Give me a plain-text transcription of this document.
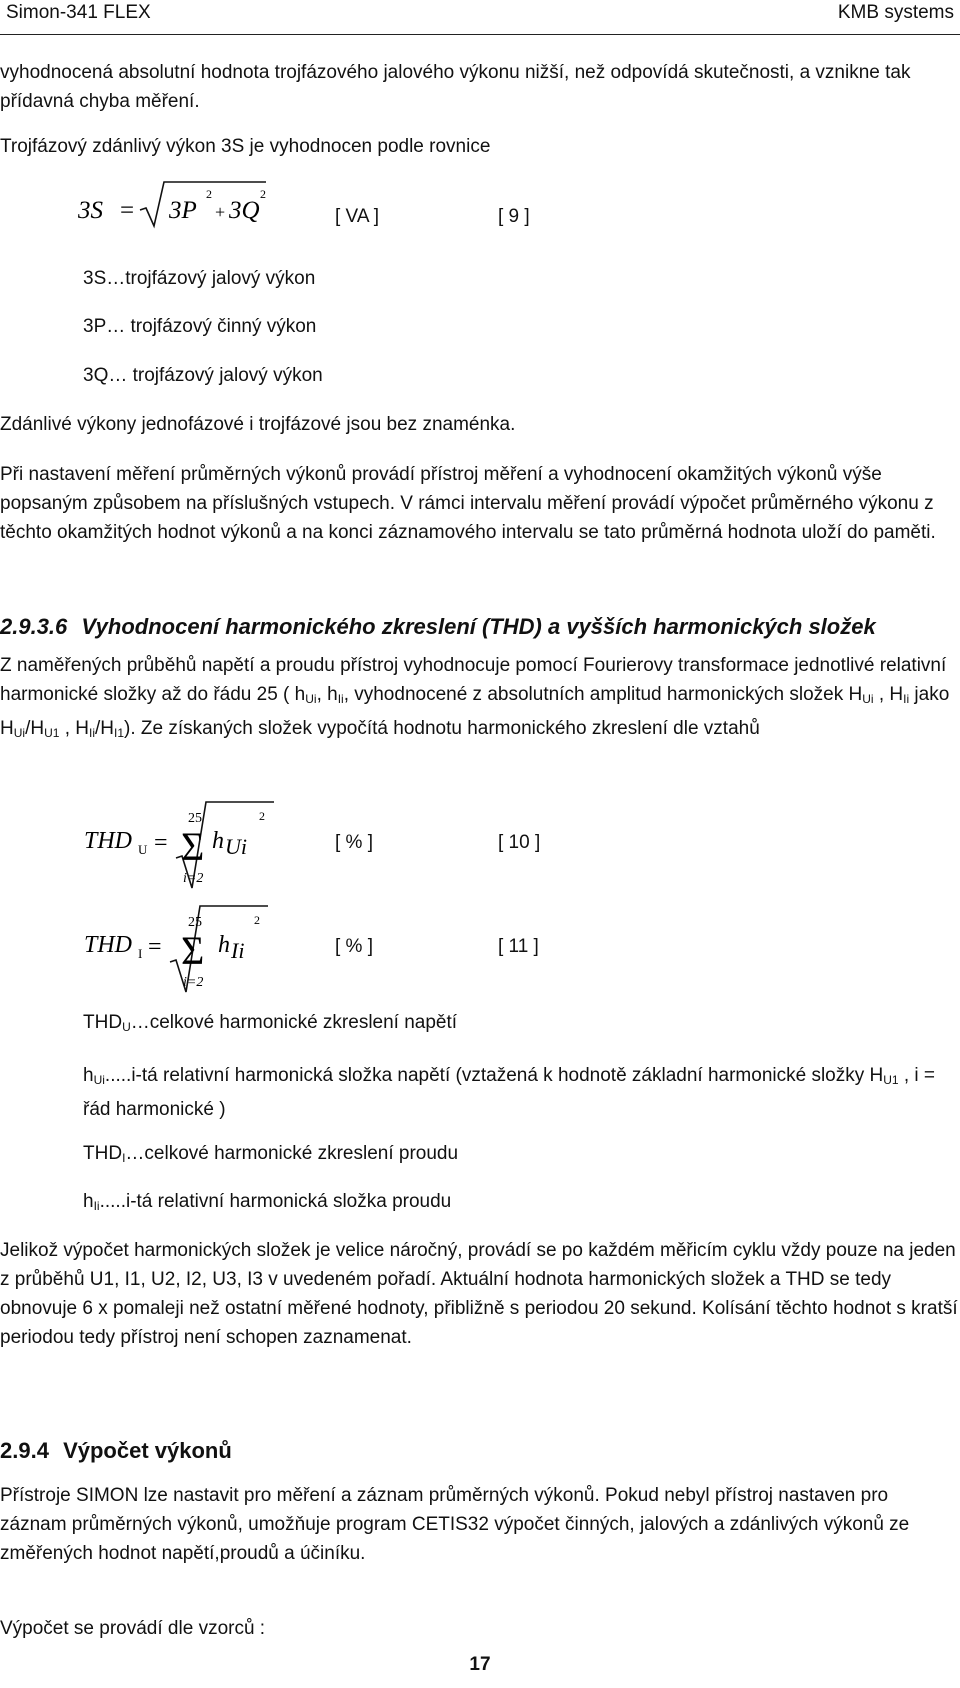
Simon-341 FLEX	KMB systems

vyhodnocená absolutní hodnota trojfázového jalového výkonu nižší, než odpovídá skutečnosti, a vznikne tak přídavná chyba měření.

Trojfázový zdánlivý výkon 3S je vyhodnocen podle rovnice

3S = 3P
2
+ 3Q
2
[ VA ]	[ 9 ]
3S…trojfázový jalový výkon
3P… trojfázový činný výkon
3Q… trojfázový jalový výkon

Zdánlivé výkony jednofázové i trojfázové jsou bez znaménka.

Při nastavení měření průměrných výkonů provádí přístroj měření a vyhodnocení okamžitých výkonů výše popsaným způsobem na příslušných vstupech. V rámci intervalu měření provádí výpočet průměrného výkonu z těchto okamžitých hodnot výkonů a na konci záznamového intervalu se tato průměrná hodnota uloží do paměti.

2.9.3.6 Vyhodnocení harmonického zkreslení (THD) a vyšších harmonických složek

Z naměřených průběhů napětí a proudu přístroj vyhodnocuje pomocí Fourierovy transformace jednotlivé relativní harmonické složky až do řádu 25 ( $h_{Ui}$, $h_{Ii}$, vyhodnocené z absolutních amplitud harmonických složek $H_{Ui}$ , $H_{Ii}$ jako $H_{Ui}/H_{U1}$ , $H_{Ii}/H_{I1}$). Ze získaných složek vypočítá hodnotu harmonického zkreslení dle vztahů

THD U =
25
Σ
i=2
h Ui
2
[ % ]	[ 10 ]
THD I =
25
Σ
i=2
h Ii
2
[ % ]	[ 11 ]
$THD_U\dots celkové$ harmonické zkreslení napětí
$h_{Ui}.....i-tá$ relativní harmonická složka napětí (vztažená k hodnotě základní harmonické složky $H_{U1}$ , i = řád harmonické )
$THD_I\dots celkové$ harmonické zkreslení proudu
$h_{Ii}.....i-tá$ relativní harmonická složka proudu

Jelikož výpočet harmonických složek je velice náročný, provádí se po každém měřicím cyklu vždy pouze na jeden z průběhů U1, I1, U2, I2, U3, I3 v uvedeném pořadí. Aktuální hodnota harmonických složek a THD se tedy obnovuje 6 x pomaleji než ostatní měřené hodnoty, přibližně s periodou 20 sekund. Kolísání těchto hodnot s kratší periodou tedy přístroj není schopen zaznamenat.

2.9.4 Výpočet výkonů

Přístroje SIMON lze nastavit pro měření a záznam průměrných výkonů. Pokud nebyl přístroj nastaven pro záznam průměrných výkonů, umožňuje program CETIS32 výpočet činných, jalových a zdánlivých výkonů ze změřených hodnot napětí,proudů a účiníku.

Výpočet se provádí dle vzorců :

17
